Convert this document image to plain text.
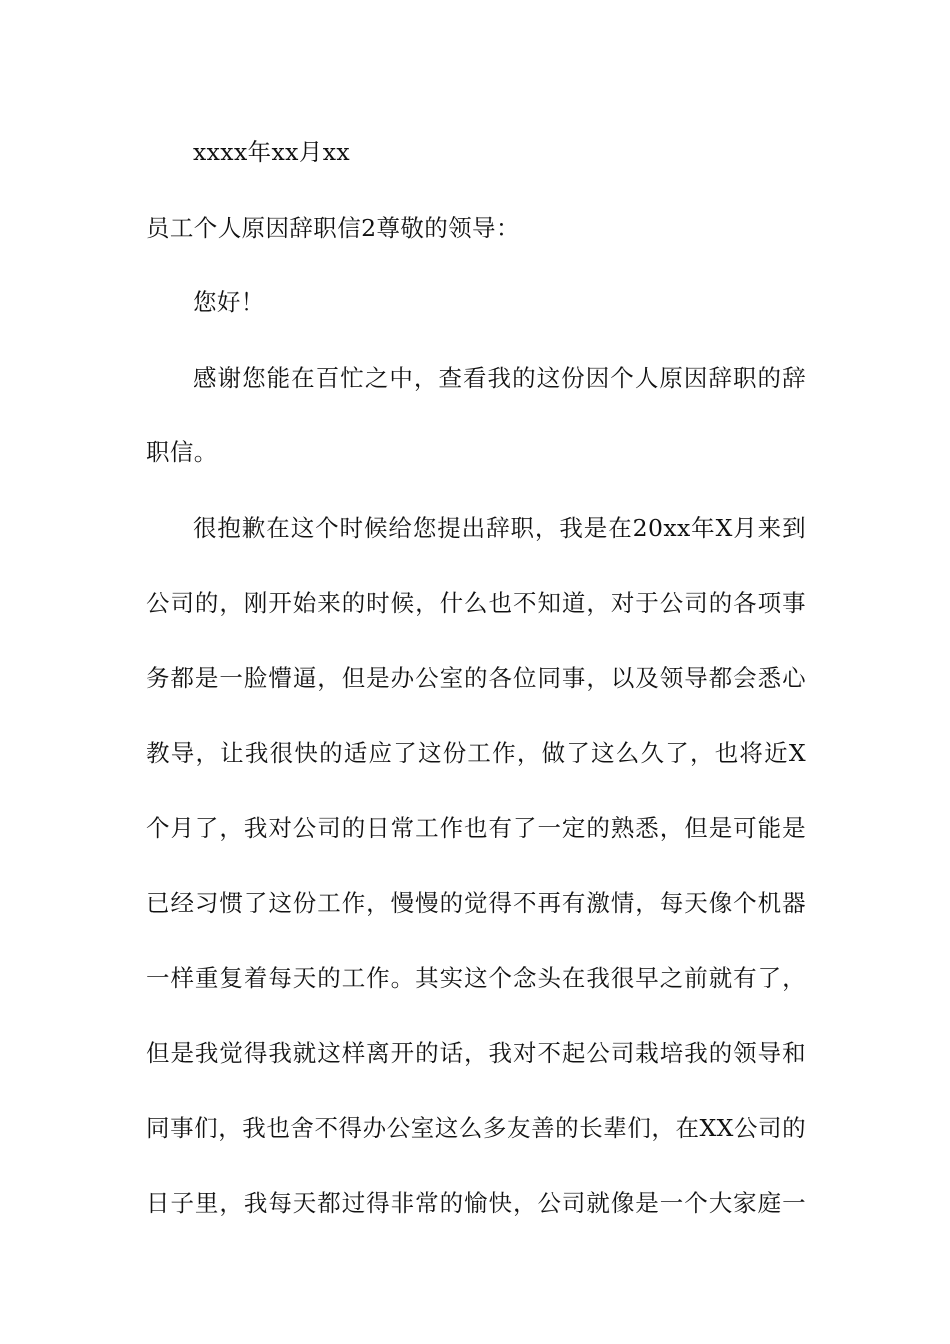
xxxx年xx月xx
员工个人原因辞职信2尊敬的领导：
您好！
感谢您能在百忙之中，查看我的这份因个人原因辞职的辞
职信。
很抱歉在这个时候给您提出辞职，我是在20xx年X月来到
公司的，刚开始来的时候，什么也不知道，对于公司的各项事
务都是一脸懵逼，但是办公室的各位同事，以及领导都会悉心
教导，让我很快的适应了这份工作，做了这么久了，也将近X
个月了，我对公司的日常工作也有了一定的熟悉，但是可能是
已经习惯了这份工作，慢慢的觉得不再有激情，每天像个机器
一样重复着每天的工作。其实这个念头在我很早之前就有了，
但是我觉得我就这样离开的话，我对不起公司栽培我的领导和
同事们，我也舍不得办公室这么多友善的长辈们，在XX公司的
日子里，我每天都过得非常的愉快，公司就像是一个大家庭一
